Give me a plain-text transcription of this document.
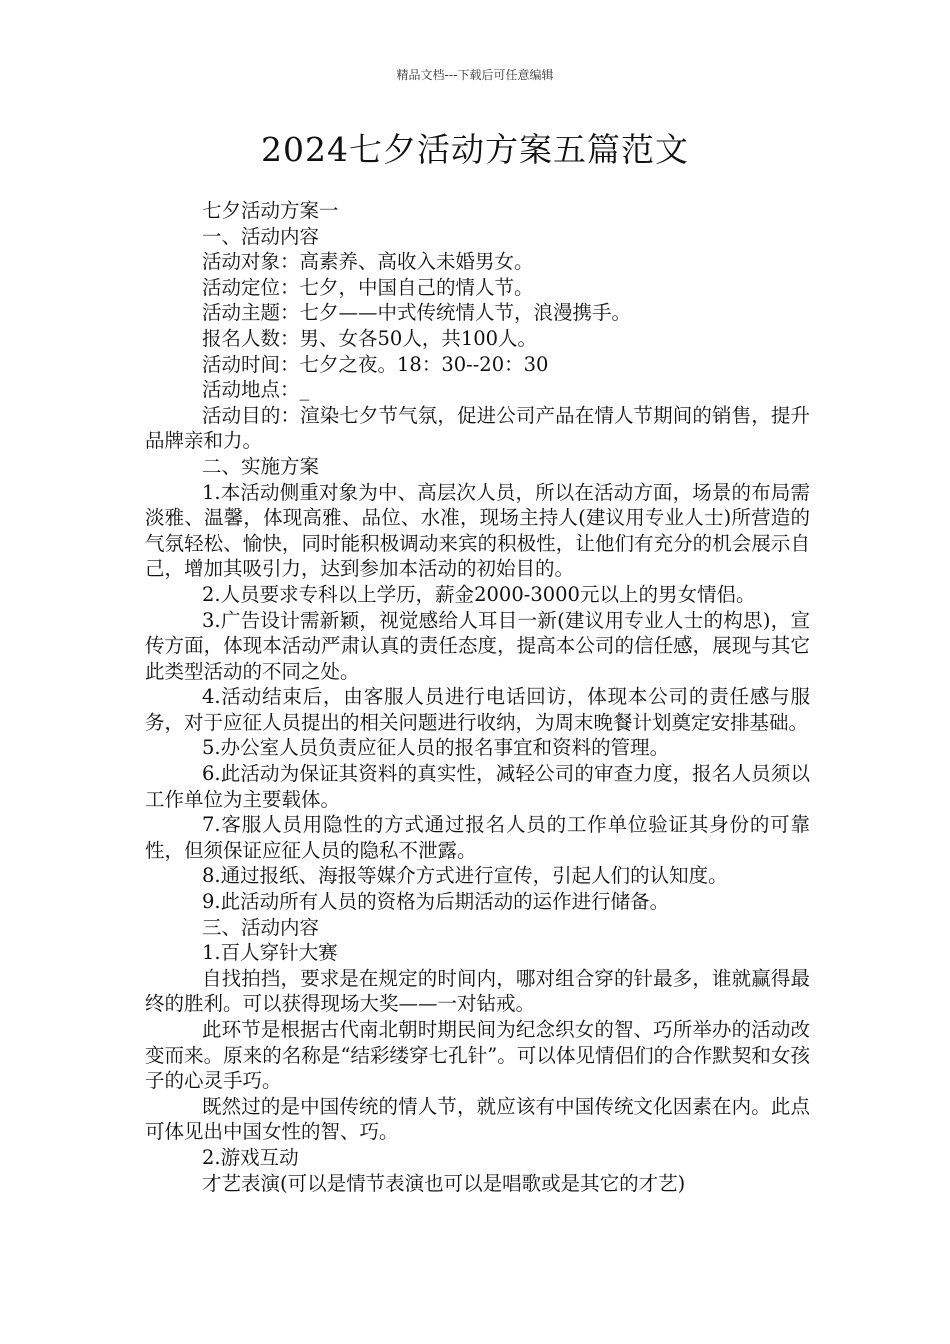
精品文档---下载后可任意编辑
2024七夕活动方案五篇范文

七夕活动方案一

一、活动内容

活动对象：高素养、高收入未婚男女。

活动定位：七夕，中国自己的情人节。

活动主题：七夕——中式传统情人节，浪漫携手。

报名人数：男、女各50人，共100人。

活动时间：七夕之夜。18：30--20：30

活动地点：_

活动目的：渲染七夕节气氛，促进公司产品在情人节期间的销售，提升品牌亲和力。

二、实施方案

1.本活动侧重对象为中、高层次人员，所以在活动方面，场景的布局需淡雅、温馨，体现高雅、品位、水准，现场主持人(建议用专业人士)所营造的气氛轻松、愉快，同时能积极调动来宾的积极性，让他们有充分的机会展示自己，增加其吸引力，达到参加本活动的初始目的。

2.人员要求专科以上学历，薪金2000-3000元以上的男女情侣。

3.广告设计需新颖，视觉感给人耳目一新(建议用专业人士的构思)，宣传方面，体现本活动严肃认真的责任态度，提高本公司的信任感，展现与其它此类型活动的不同之处。

4.活动结束后，由客服人员进行电话回访，体现本公司的责任感与服务，对于应征人员提出的相关问题进行收纳，为周末晚餐计划奠定安排基础。

5.办公室人员负责应征人员的报名事宜和资料的管理。

6.此活动为保证其资料的真实性，减轻公司的审查力度，报名人员须以工作单位为主要载体。

7.客服人员用隐性的方式通过报名人员的工作单位验证其身份的可靠性，但须保证应征人员的隐私不泄露。

8.通过报纸、海报等媒介方式进行宣传，引起人们的认知度。

9.此活动所有人员的资格为后期活动的运作进行储备。

三、活动内容

1.百人穿针大赛

自找拍挡，要求是在规定的时间内，哪对组合穿的针最多，谁就赢得最终的胜利。可以获得现场大奖——一对钻戒。

此环节是根据古代南北朝时期民间为纪念织女的智、巧所举办的活动改变而来。原来的名称是“结彩缕穿七孔针”。可以体见情侣们的合作默契和女孩子的心灵手巧。

既然过的是中国传统的情人节，就应该有中国传统文化因素在内。此点可体见出中国女性的智、巧。

2.游戏互动

才艺表演(可以是情节表演也可以是唱歌或是其它的才艺)
